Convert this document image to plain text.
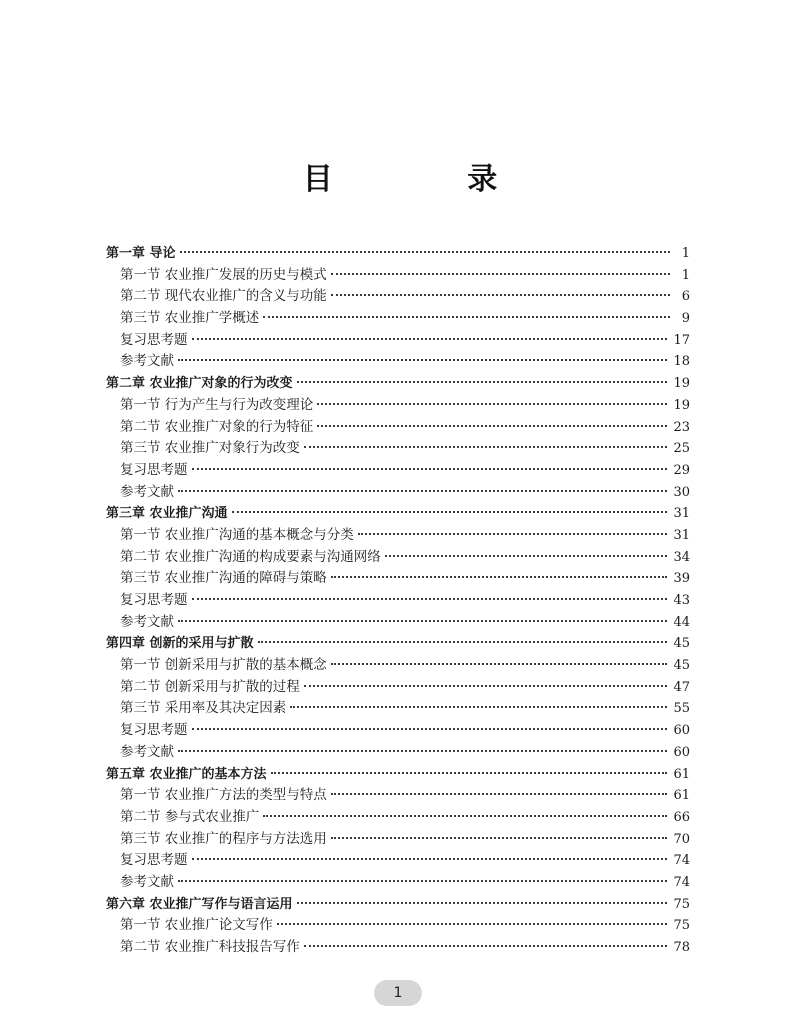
目 录
第一章 导论	1
第一节 农业推广发展的历史与模式	1
第二节 现代农业推广的含义与功能	6
第三节 农业推广学概述	9
复习思考题	17
参考文献	18
第二章 农业推广对象的行为改变	19
第一节 行为产生与行为改变理论	19
第二节 农业推广对象的行为特征	23
第三节 农业推广对象行为改变	25
复习思考题	29
参考文献	30
第三章 农业推广沟通	31
第一节 农业推广沟通的基本概念与分类	31
第二节 农业推广沟通的构成要素与沟通网络	34
第三节 农业推广沟通的障碍与策略	39
复习思考题	43
参考文献	44
第四章 创新的采用与扩散	45
第一节 创新采用与扩散的基本概念	45
第二节 创新采用与扩散的过程	47
第三节 采用率及其决定因素	55
复习思考题	60
参考文献	60
第五章 农业推广的基本方法	61
第一节 农业推广方法的类型与特点	61
第二节 参与式农业推广	66
第三节 农业推广的程序与方法选用	70
复习思考题	74
参考文献	74
第六章 农业推广写作与语言运用	75
第一节 农业推广论文写作	75
第二节 农业推广科技报告写作	78
1
